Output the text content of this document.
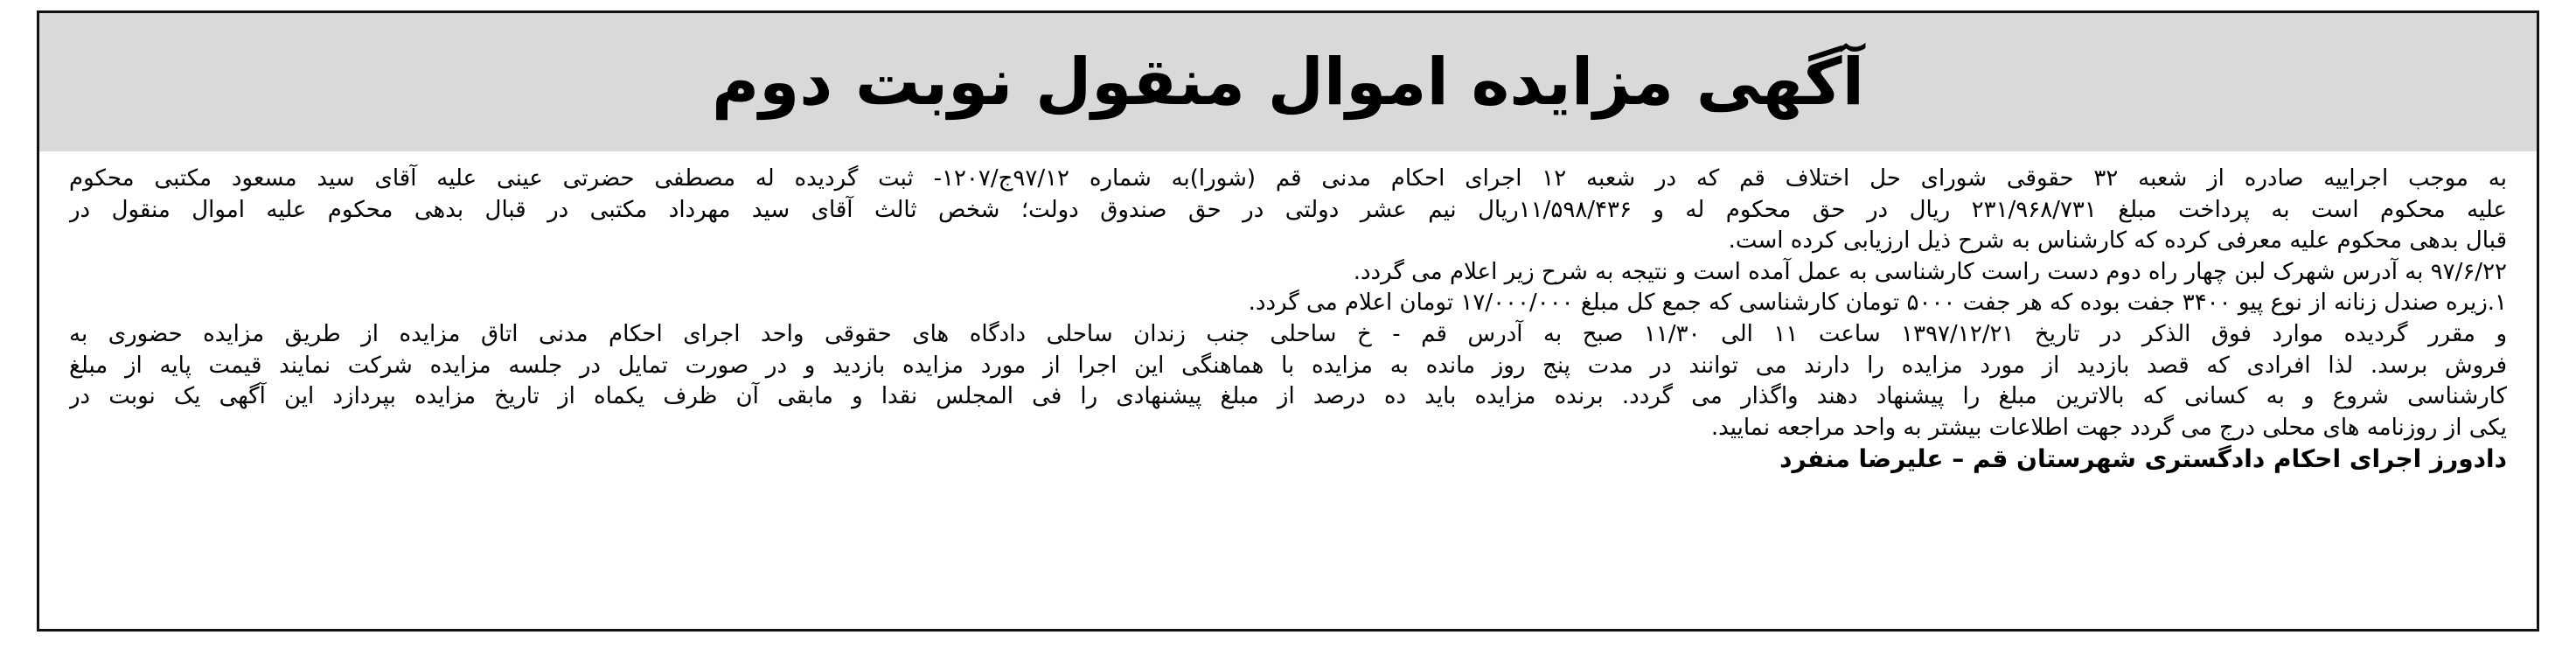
آگهی مزایده اموال منقول نوبت دوم
به موجب اجراییه صادره از شعبه ۳۲ حقوقی شورای حل اختلاف قم که در شعبه ۱۲ اجرای احکام مدنی قم (شورا)به شماره ۹۷/۱۲ج/۱۲۰۷- ثبت گردیده له مصطفی حضرتی عینی علیه آقای سید مسعود مکتبی محکوم
علیه محکوم است به پرداخت مبلغ ۲۳۱/۹۶۸/۷۳۱ ریال در حق محکوم له و ۱۱/۵۹۸/۴۳۶ریال نیم عشر دولتی در حق صندوق دولت؛ شخص ثالث آقای سید مهرداد مکتبی در قبال بدهی محکوم علیه اموال منقول در
قبال بدهی محکوم علیه معرفی کرده که کارشناس به شرح ذیل ارزیابی کرده است.
۹۷/۶/۲۲ به آدرس شهرک لبن چهار راه دوم دست راست کارشناسی به عمل آمده است و نتیجه به شرح زیر اعلام می گردد.
۱.زیره صندل زنانه از نوع پیو ۳۴۰۰ جفت بوده که هر جفت ۵۰۰۰ تومان کارشناسی که جمع کل مبلغ ۱۷/۰۰۰/۰۰۰ تومان اعلام می گردد.
و مقرر گردیده موارد فوق الذکر در تاریخ ۱۳۹۷/۱۲/۲۱ ساعت ۱۱ الی ۱۱/۳۰ صبح به آدرس قم - خ ساحلی جنب زندان ساحلی دادگاه های حقوقی واحد اجرای احکام مدنی اتاق مزایده از طریق مزایده حضوری به
فروش برسد. لذا افرادی که قصد بازدید از مورد مزایده را دارند می توانند در مدت پنج روز مانده به مزایده با هماهنگی این اجرا از مورد مزایده بازدید و در صورت تمایل در جلسه مزایده شرکت نمایند قیمت پایه از مبلغ
کارشناسی شروع و به کسانی که بالاترین مبلغ را پیشنهاد دهند واگذار می گردد. برنده مزایده باید ده درصد از مبلغ پیشنهادی را فی المجلس نقدا و مابقی آن ظرف یکماه از تاریخ مزایده بپردازد این آگهی یک نوبت در
یکی از روزنامه های محلی درج می گردد جهت اطلاعات بیشتر به واحد مراجعه نمایید.
دادورز اجرای احکام دادگستری شهرستان قم – علیرضا منفرد
